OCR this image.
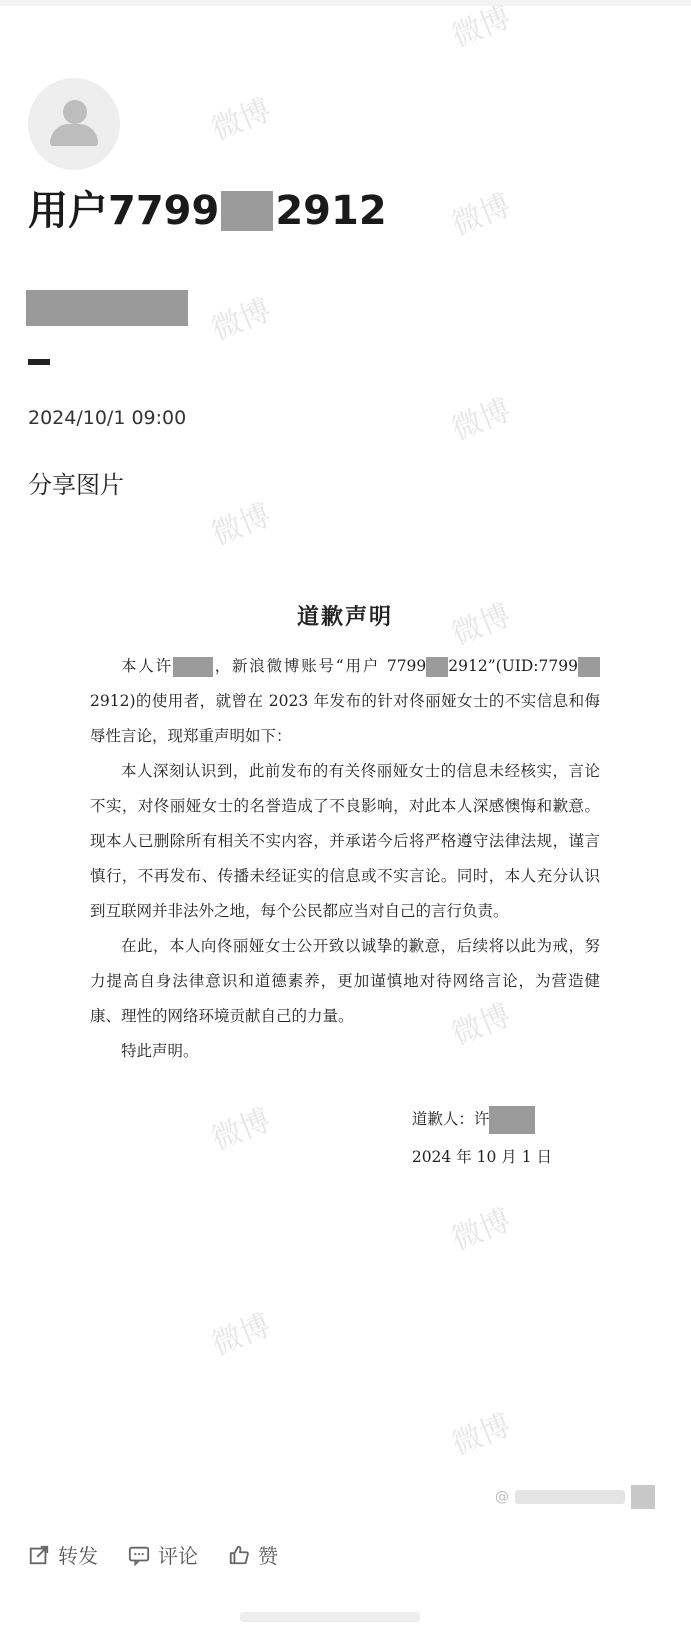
微博
微博
微博
微博
微博
微博
微博
微博
微博
微博
微博
微博
用户7799 2912
2024/10/1 09:00
分享图片
道歉声明

本人许	，新浪微博账号“用户 7799 2912”(UID:77992912)的使用者，就曾在 2023 年发布的针对佟丽娅女士的不实信息和侮辱性言论，现郑重声明如下：

本人深刻认识到，此前发布的有关佟丽娅女士的信息未经核实，言论不实，对佟丽娅女士的名誉造成了不良影响，对此本人深感懊悔和歉意。现本人已删除所有相关不实内容，并承诺今后将严格遵守法律法规，谨言慎行，不再发布、传播未经证实的信息或不实言论。同时，本人充分认识到互联网并非法外之地，每个公民都应当对自己的言行负责。

在此，本人向佟丽娅女士公开致以诚挚的歉意，后续将以此为戒，努力提高自身法律意识和道德素养，更加谨慎地对待网络言论，为营造健康、理性的网络环境贡献自己的力量。

特此声明。

道歉人：许
2024 年 10 月 1 日
@
转发	评论	赞
